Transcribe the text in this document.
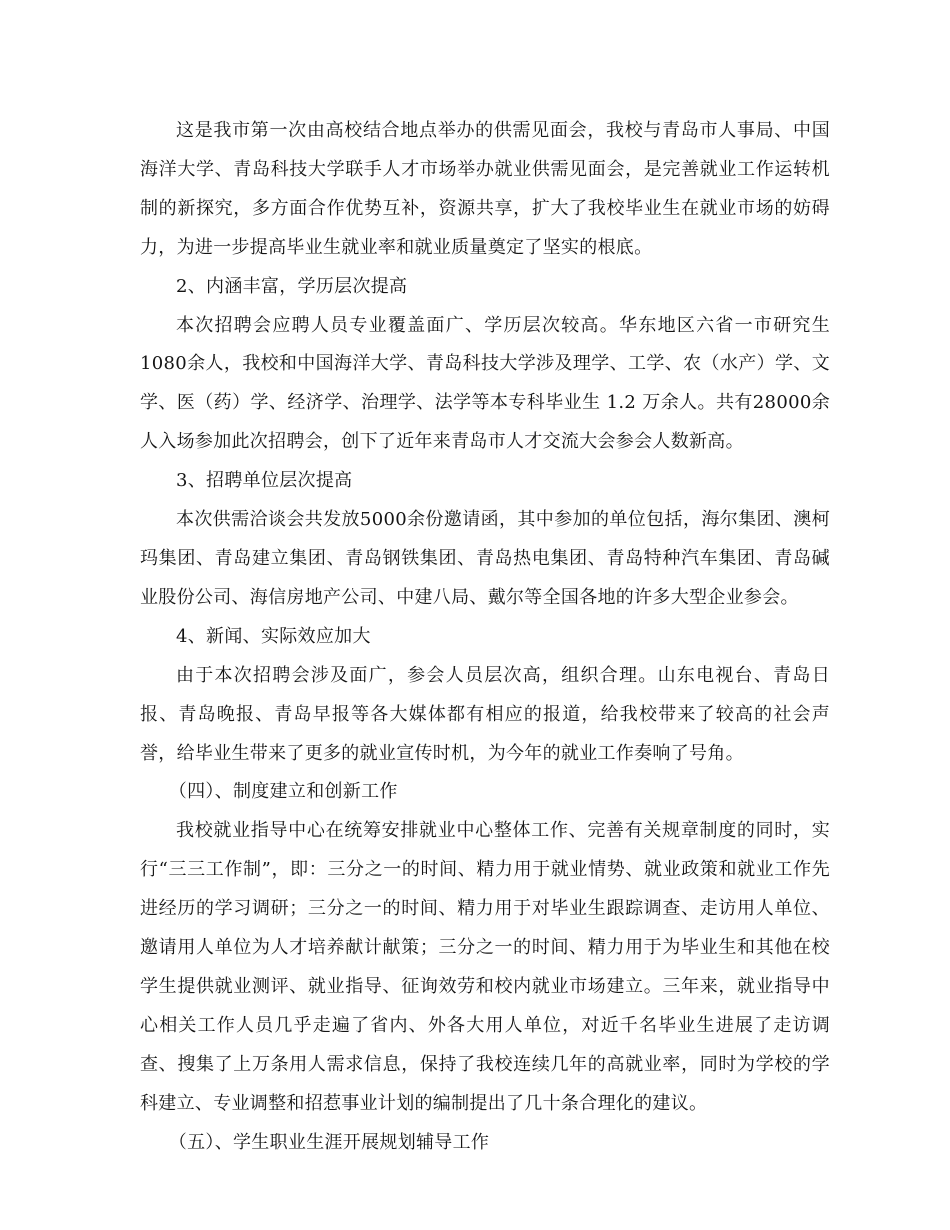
这是我市第一次由高校结合地点举办的供需见面会，我校与青岛市人事局、中国海洋大学、青岛科技大学联手人才市场举办就业供需见面会，是完善就业工作运转机制的新探究，多方面合作优势互补，资源共享，扩大了我校毕业生在就业市场的妨碍力，为进一步提高毕业生就业率和就业质量奠定了坚实的根底。

2、内涵丰富，学历层次提高

本次招聘会应聘人员专业覆盖面广、学历层次较高。华东地区六省一市研究生1080余人，我校和中国海洋大学、青岛科技大学涉及理学、工学、农（水产）学、文学、医（药）学、经济学、治理学、法学等本专科毕业生 1.2 万余人。共有28000余人入场参加此次招聘会，创下了近年来青岛市人才交流大会参会人数新高。

3、招聘单位层次提高

本次供需洽谈会共发放5000余份邀请函，其中参加的单位包括，海尔集团、澳柯玛集团、青岛建立集团、青岛钢铁集团、青岛热电集团、青岛特种汽车集团、青岛碱业股份公司、海信房地产公司、中建八局、戴尔等全国各地的许多大型企业参会。

4、新闻、实际效应加大

由于本次招聘会涉及面广，参会人员层次高，组织合理。山东电视台、青岛日报、青岛晚报、青岛早报等各大媒体都有相应的报道，给我校带来了较高的社会声誉，给毕业生带来了更多的就业宣传时机，为今年的就业工作奏响了号角。

（四）、制度建立和创新工作

我校就业指导中心在统筹安排就业中心整体工作、完善有关规章制度的同时，实行“三三工作制”，即：三分之一的时间、精力用于就业情势、就业政策和就业工作先进经历的学习调研；三分之一的时间、精力用于对毕业生跟踪调查、走访用人单位、邀请用人单位为人才培养献计献策；三分之一的时间、精力用于为毕业生和其他在校学生提供就业测评、就业指导、征询效劳和校内就业市场建立。三年来，就业指导中心相关工作人员几乎走遍了省内、外各大用人单位，对近千名毕业生进展了走访调查、搜集了上万条用人需求信息，保持了我校连续几年的高就业率，同时为学校的学科建立、专业调整和招惹事业计划的编制提出了几十条合理化的建议。

（五）、学生职业生涯开展规划辅导工作
